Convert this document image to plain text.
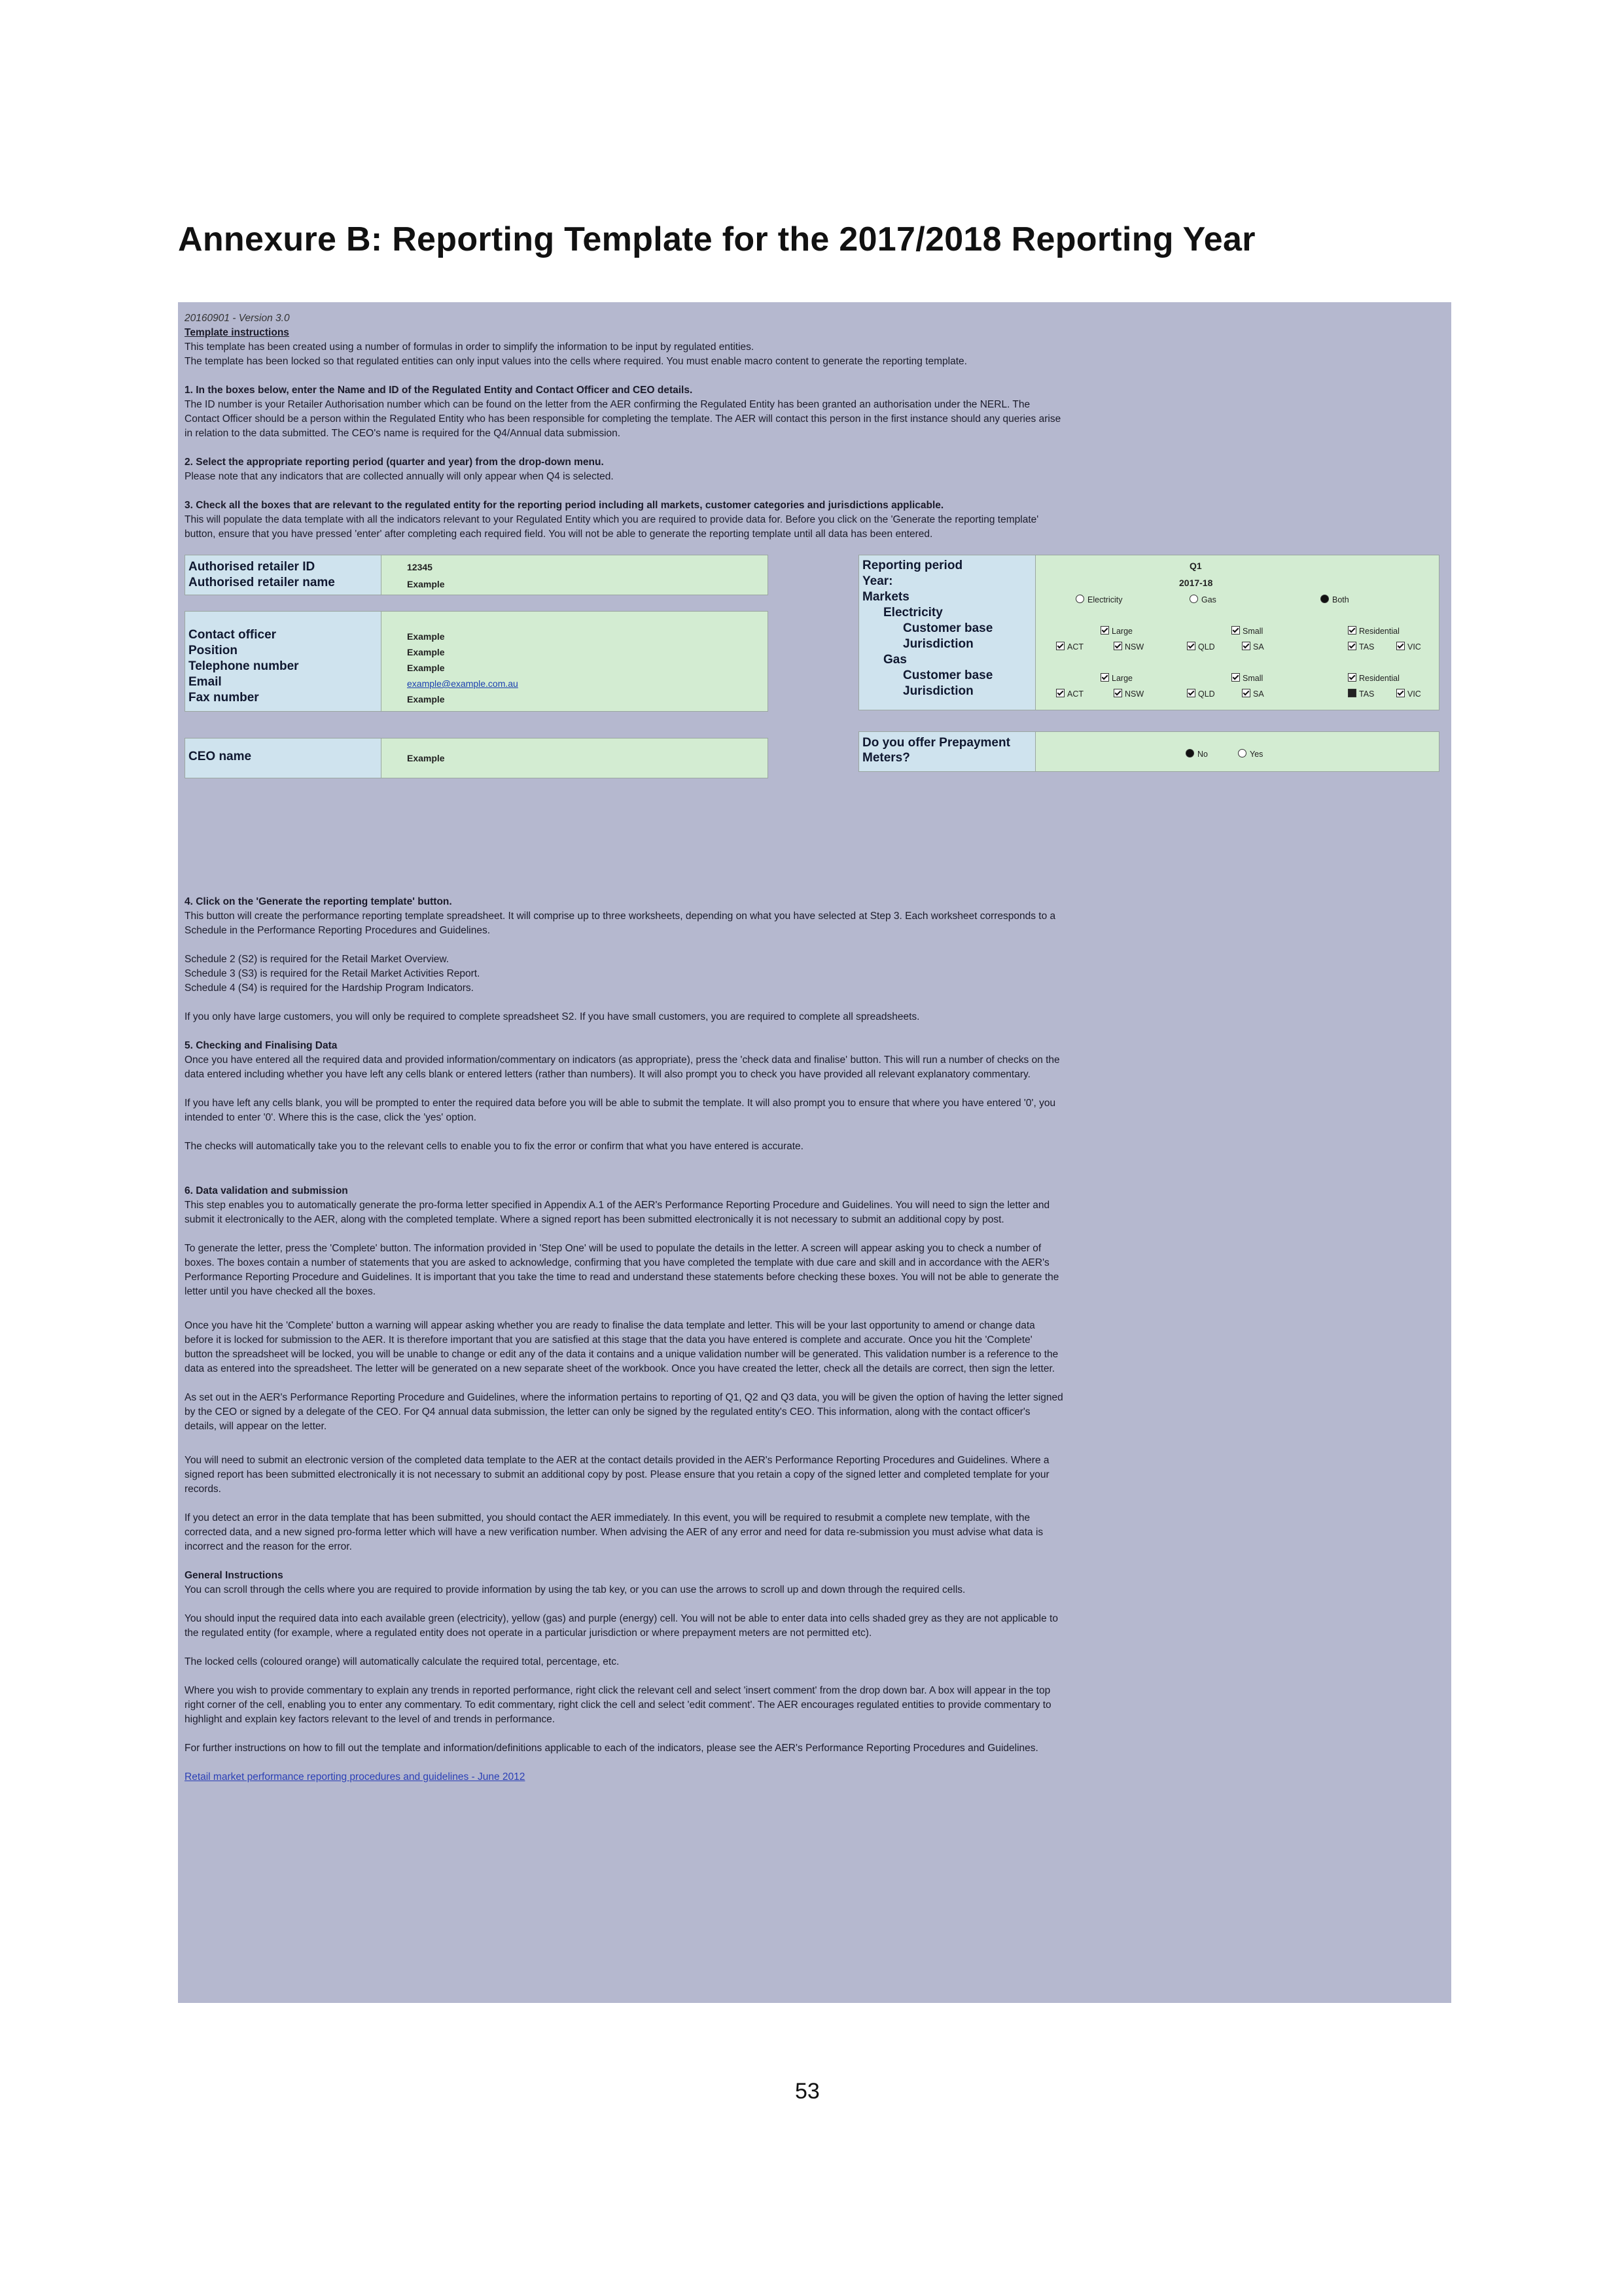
Annexure B: Reporting Template for the 2017/2018 Reporting Year

20160901 - Version 3.0

Template instructions

This template has been created using a number of formulas in order to simplify the information to be input by regulated entities.

The template has been locked so that regulated entities can only input values into the cells where required. You must enable macro content to generate the reporting template.

1. In the boxes below, enter the Name and ID of the Regulated Entity and Contact Officer and CEO details.

The ID number is your Retailer Authorisation number which can be found on the letter from the AER confirming the Regulated Entity has been granted an authorisation under the NERL. The

Contact Officer should be a person within the Regulated Entity who has been responsible for completing the template. The AER will contact this person in the first instance should any queries arise

in relation to the data submitted. The CEO's name is required for the Q4/Annual data submission.

2. Select the appropriate reporting period (quarter and year) from the drop-down menu.

Please note that any indicators that are collected annually will only appear when Q4 is selected.

3. Check all the boxes that are relevant to the regulated entity for the reporting period including all markets, customer categories and jurisdictions applicable.

This will populate the data template with all the indicators relevant to your Regulated Entity which you are required to provide data for. Before you click on the 'Generate the reporting template'

button, ensure that you have pressed 'enter' after completing each required field. You will not be able to generate the reporting template until all data has been entered.

Authorised retailer ID	12345
Authorised retailer name	Example
Contact officer	Example
Position	Example
Telephone number	Example
Email	example@example.com.au
Fax number	Example
CEO name	Example
Reporting period	Q1
Year:	2017-18
Markets	Electricity	Gas	Both
Electricity
Customer base	Large	Small	Residential
Jurisdiction	ACT	NSW	QLD	SA	TAS	VIC
Gas
Customer base	Large	Small	Residential
Jurisdiction	ACT	NSW	QLD	SA	TAS	VIC
Do you offer Prepayment Meters?	No	Yes

4. Click on the 'Generate the reporting template' button.

This button will create the performance reporting template spreadsheet. It will comprise up to three worksheets, depending on what you have selected at Step 3. Each worksheet corresponds to a

Schedule in the Performance Reporting Procedures and Guidelines.

Schedule 2 (S2) is required for the Retail Market Overview.

Schedule 3 (S3) is required for the Retail Market Activities Report.

Schedule 4 (S4) is required for the Hardship Program Indicators.

If you only have large customers, you will only be required to complete spreadsheet S2. If you have small customers, you are required to complete all spreadsheets.

5. Checking and Finalising Data

Once you have entered all the required data and provided information/commentary on indicators (as appropriate), press the 'check data and finalise' button. This will run a number of checks on the

data entered including whether you have left any cells blank or entered letters (rather than numbers). It will also prompt you to check you have provided all relevant explanatory commentary.

If you have left any cells blank, you will be prompted to enter the required data before you will be able to submit the template. It will also prompt you to ensure that where you have entered '0', you

intended to enter '0'. Where this is the case, click the 'yes' option.

The checks will automatically take you to the relevant cells to enable you to fix the error or confirm that what you have entered is accurate.

6. Data validation and submission

This step enables you to automatically generate the pro-forma letter specified in Appendix A.1 of the AER's Performance Reporting Procedure and Guidelines. You will need to sign the letter and

submit it electronically to the AER, along with the completed template. Where a signed report has been submitted electronically it is not necessary to submit an additional copy by post.

To generate the letter, press the 'Complete' button. The information provided in 'Step One' will be used to populate the details in the letter. A screen will appear asking you to check a number of

boxes. The boxes contain a number of statements that you are asked to acknowledge, confirming that you have completed the template with due care and skill and in accordance with the AER's

Performance Reporting Procedure and Guidelines. It is important that you take the time to read and understand these statements before checking these boxes. You will not be able to generate the

letter until you have checked all the boxes.

Once you have hit the 'Complete' button a warning will appear asking whether you are ready to finalise the data template and letter. This will be your last opportunity to amend or change data

before it is locked for submission to the AER. It is therefore important that you are satisfied at this stage that the data you have entered is complete and accurate. Once you hit the 'Complete'

button the spreadsheet will be locked, you will be unable to change or edit any of the data it contains and a unique validation number will be generated. This validation number is a reference to the

data as entered into the spreadsheet. The letter will be generated on a new separate sheet of the workbook. Once you have created the letter, check all the details are correct, then sign the letter.

As set out in the AER's Performance Reporting Procedure and Guidelines, where the information pertains to reporting of Q1, Q2 and Q3 data, you will be given the option of having the letter signed

by the CEO or signed by a delegate of the CEO. For Q4 annual data submission, the letter can only be signed by the regulated entity's CEO. This information, along with the contact officer's

details, will appear on the letter.

You will need to submit an electronic version of the completed data template to the AER at the contact details provided in the AER's Performance Reporting Procedures and Guidelines. Where a

signed report has been submitted electronically it is not necessary to submit an additional copy by post. Please ensure that you retain a copy of the signed letter and completed template for your

records.

If you detect an error in the data template that has been submitted, you should contact the AER immediately. In this event, you will be required to resubmit a complete new template, with the

corrected data, and a new signed pro-forma letter which will have a new verification number. When advising the AER of any error and need for data re-submission you must advise what data is

incorrect and the reason for the error.

General Instructions

You can scroll through the cells where you are required to provide information by using the tab key, or you can use the arrows to scroll up and down through the required cells.

You should input the required data into each available green (electricity), yellow (gas) and purple (energy) cell. You will not be able to enter data into cells shaded grey as they are not applicable to

the regulated entity (for example, where a regulated entity does not operate in a particular jurisdiction or where prepayment meters are not permitted etc).

The locked cells (coloured orange) will automatically calculate the required total, percentage, etc.

Where you wish to provide commentary to explain any trends in reported performance, right click the relevant cell and select 'insert comment' from the drop down bar. A box will appear in the top

right corner of the cell, enabling you to enter any commentary. To edit commentary, right click the cell and select 'edit comment'. The AER encourages regulated entities to provide commentary to

highlight and explain key factors relevant to the level of and trends in performance.

For further instructions on how to fill out the template and information/definitions applicable to each of the indicators, please see the AER's Performance Reporting Procedures and Guidelines.

Retail market performance reporting procedures and guidelines - June 2012

53
